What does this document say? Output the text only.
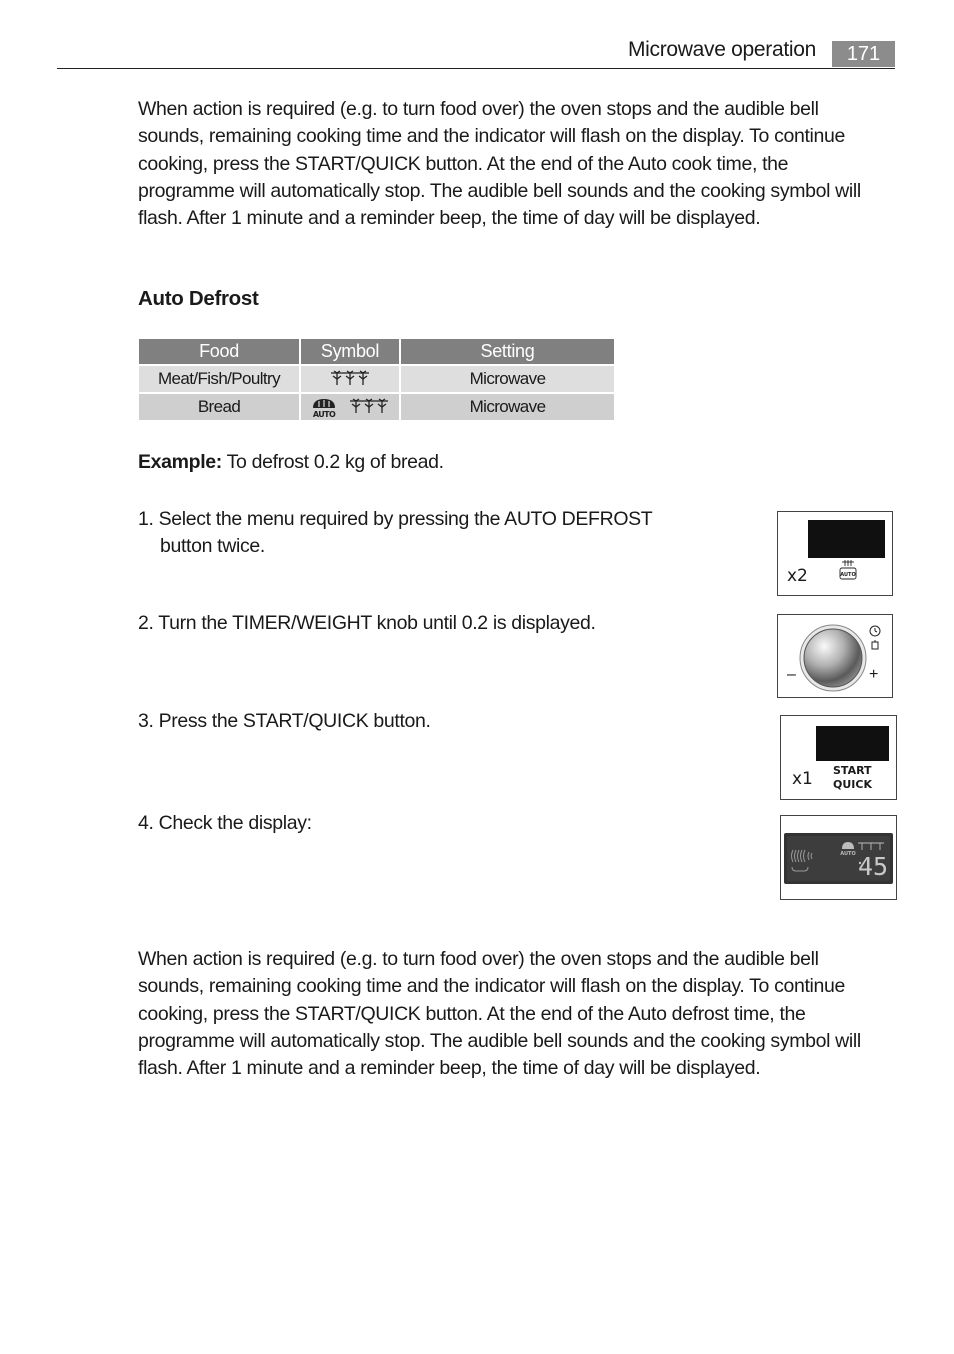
Microwave operation	171

When action is required (e.g. to turn food over) the oven stops and the audible bell sounds, remaining cooking time and the indicator will flash on the display. To continue cooking, press the START/QUICK button. At the end of the Auto cook time, the programme will automatically stop. The audible bell sounds and the cooking symbol will flash. After 1 minute and a reminder beep, the time of day will be displayed.

Auto Defrost
Food	Symbol	Setting
Meat/Fish/Poultry		Microwave
Bread	AUTO	Microwave
Example: To defrost 0.2 kg of bread.
1. Select the menu required by pressing the AUTO DEFROST
button twice.
2. Turn the TIMER/WEIGHT knob until 0.2 is displayed.
3. Press the START/QUICK button.
4. Check the display:
x2	AUTO
–	+
x1 START
QUICK
AUTO 45

When action is required (e.g. to turn food over) the oven stops and the audible bell sounds, remaining cooking time and the indicator will flash on the display. To continue cooking, press the START/QUICK button. At the end of the Auto defrost time, the programme will automatically stop. The audible bell sounds and the cooking symbol will flash. After 1 minute and a reminder beep, the time of day will be displayed.
